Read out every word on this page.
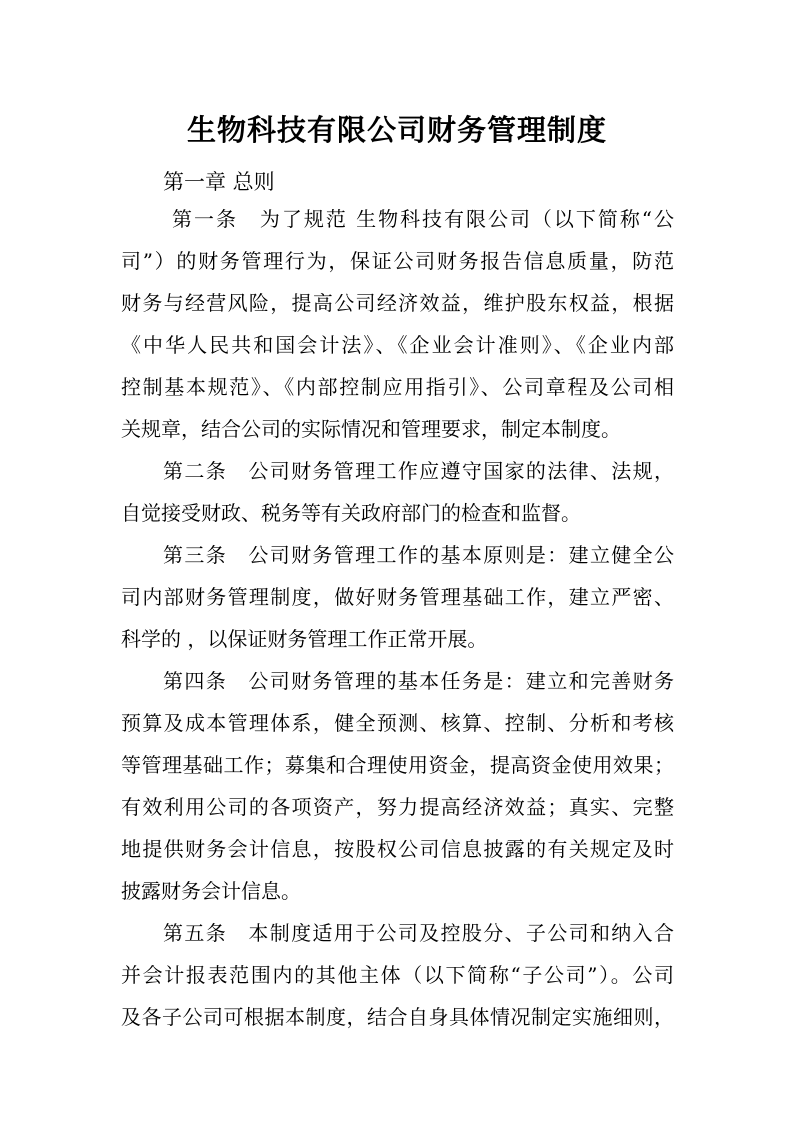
生物科技有限公司财务管理制度
第一章 总则
第一条　为了规范 生物科技有限公司（以下简称“公
司”）的财务管理行为，保证公司财务报告信息质量，防范
财务与经营风险，提高公司经济效益，维护股东权益，根据
《中华人民共和国会计法》、《企业会计准则》、《企业内部
控制基本规范》、《内部控制应用指引》、公司章程及公司相
关规章，结合公司的实际情况和管理要求，制定本制度。
第二条　公司财务管理工作应遵守国家的法律、法规，
自觉接受财政、税务等有关政府部门的检查和监督。
第三条　公司财务管理工作的基本原则是：建立健全公
司内部财务管理制度，做好财务管理基础工作，建立严密、
科学的 ，以保证财务管理工作正常开展。
第四条　公司财务管理的基本任务是：建立和完善财务
预算及成本管理体系，健全预测、核算、控制、分析和考核
等管理基础工作；募集和合理使用资金，提高资金使用效果；
有效利用公司的各项资产，努力提高经济效益；真实、完整
地提供财务会计信息，按股权公司信息披露的有关规定及时
披露财务会计信息。
第五条　本制度适用于公司及控股分、子公司和纳入合
并会计报表范围内的其他主体（以下简称“子公司”）。公司
及各子公司可根据本制度，结合自身具体情况制定实施细则，
